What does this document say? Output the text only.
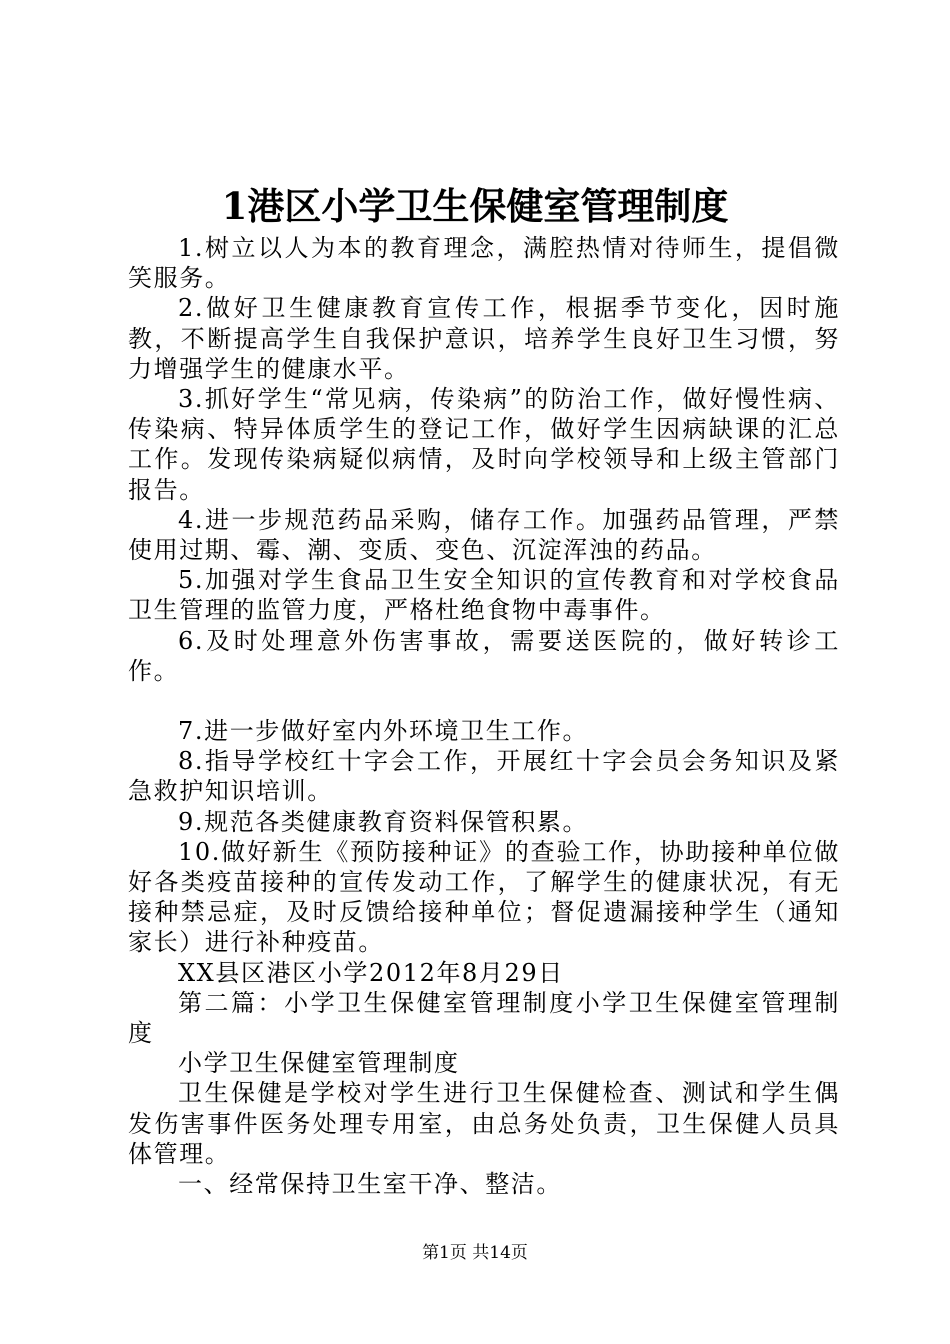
1港区小学卫生保健室管理制度

1.树立以人为本的教育理念，满腔热情对待师生，提倡微笑服务。

2.做好卫生健康教育宣传工作，根据季节变化，因时施教，不断提高学生自我保护意识，培养学生良好卫生习惯，努力增强学生的健康水平。

3.抓好学生“常见病，传染病”的防治工作，做好慢性病、传染病、特异体质学生的登记工作，做好学生因病缺课的汇总工作。发现传染病疑似病情，及时向学校领导和上级主管部门报告。

4.进一步规范药品采购，储存工作。加强药品管理，严禁使用过期、霉、潮、变质、变色、沉淀浑浊的药品。

5.加强对学生食品卫生安全知识的宣传教育和对学校食品卫生管理的监管力度，严格杜绝食物中毒事件。

6.及时处理意外伤害事故，需要送医院的，做好转诊工作。

7.进一步做好室内外环境卫生工作。

8.指导学校红十字会工作，开展红十字会员会务知识及紧急救护知识培训。

9.规范各类健康教育资料保管积累。

10.做好新生《预防接种证》的查验工作，协助接种单位做好各类疫苗接种的宣传发动工作，了解学生的健康状况，有无接种禁忌症，及时反馈给接种单位；督促遗漏接种学生（通知家长）进行补种疫苗。

XX县区港区小学2012年8月29日

第二篇：小学卫生保健室管理制度小学卫生保健室管理制度

小学卫生保健室管理制度

卫生保健是学校对学生进行卫生保健检查、测试和学生偶发伤害事件医务处理专用室，由总务处负责，卫生保健人员具体管理。

一、经常保持卫生室干净、整洁。

第1页 共14页
